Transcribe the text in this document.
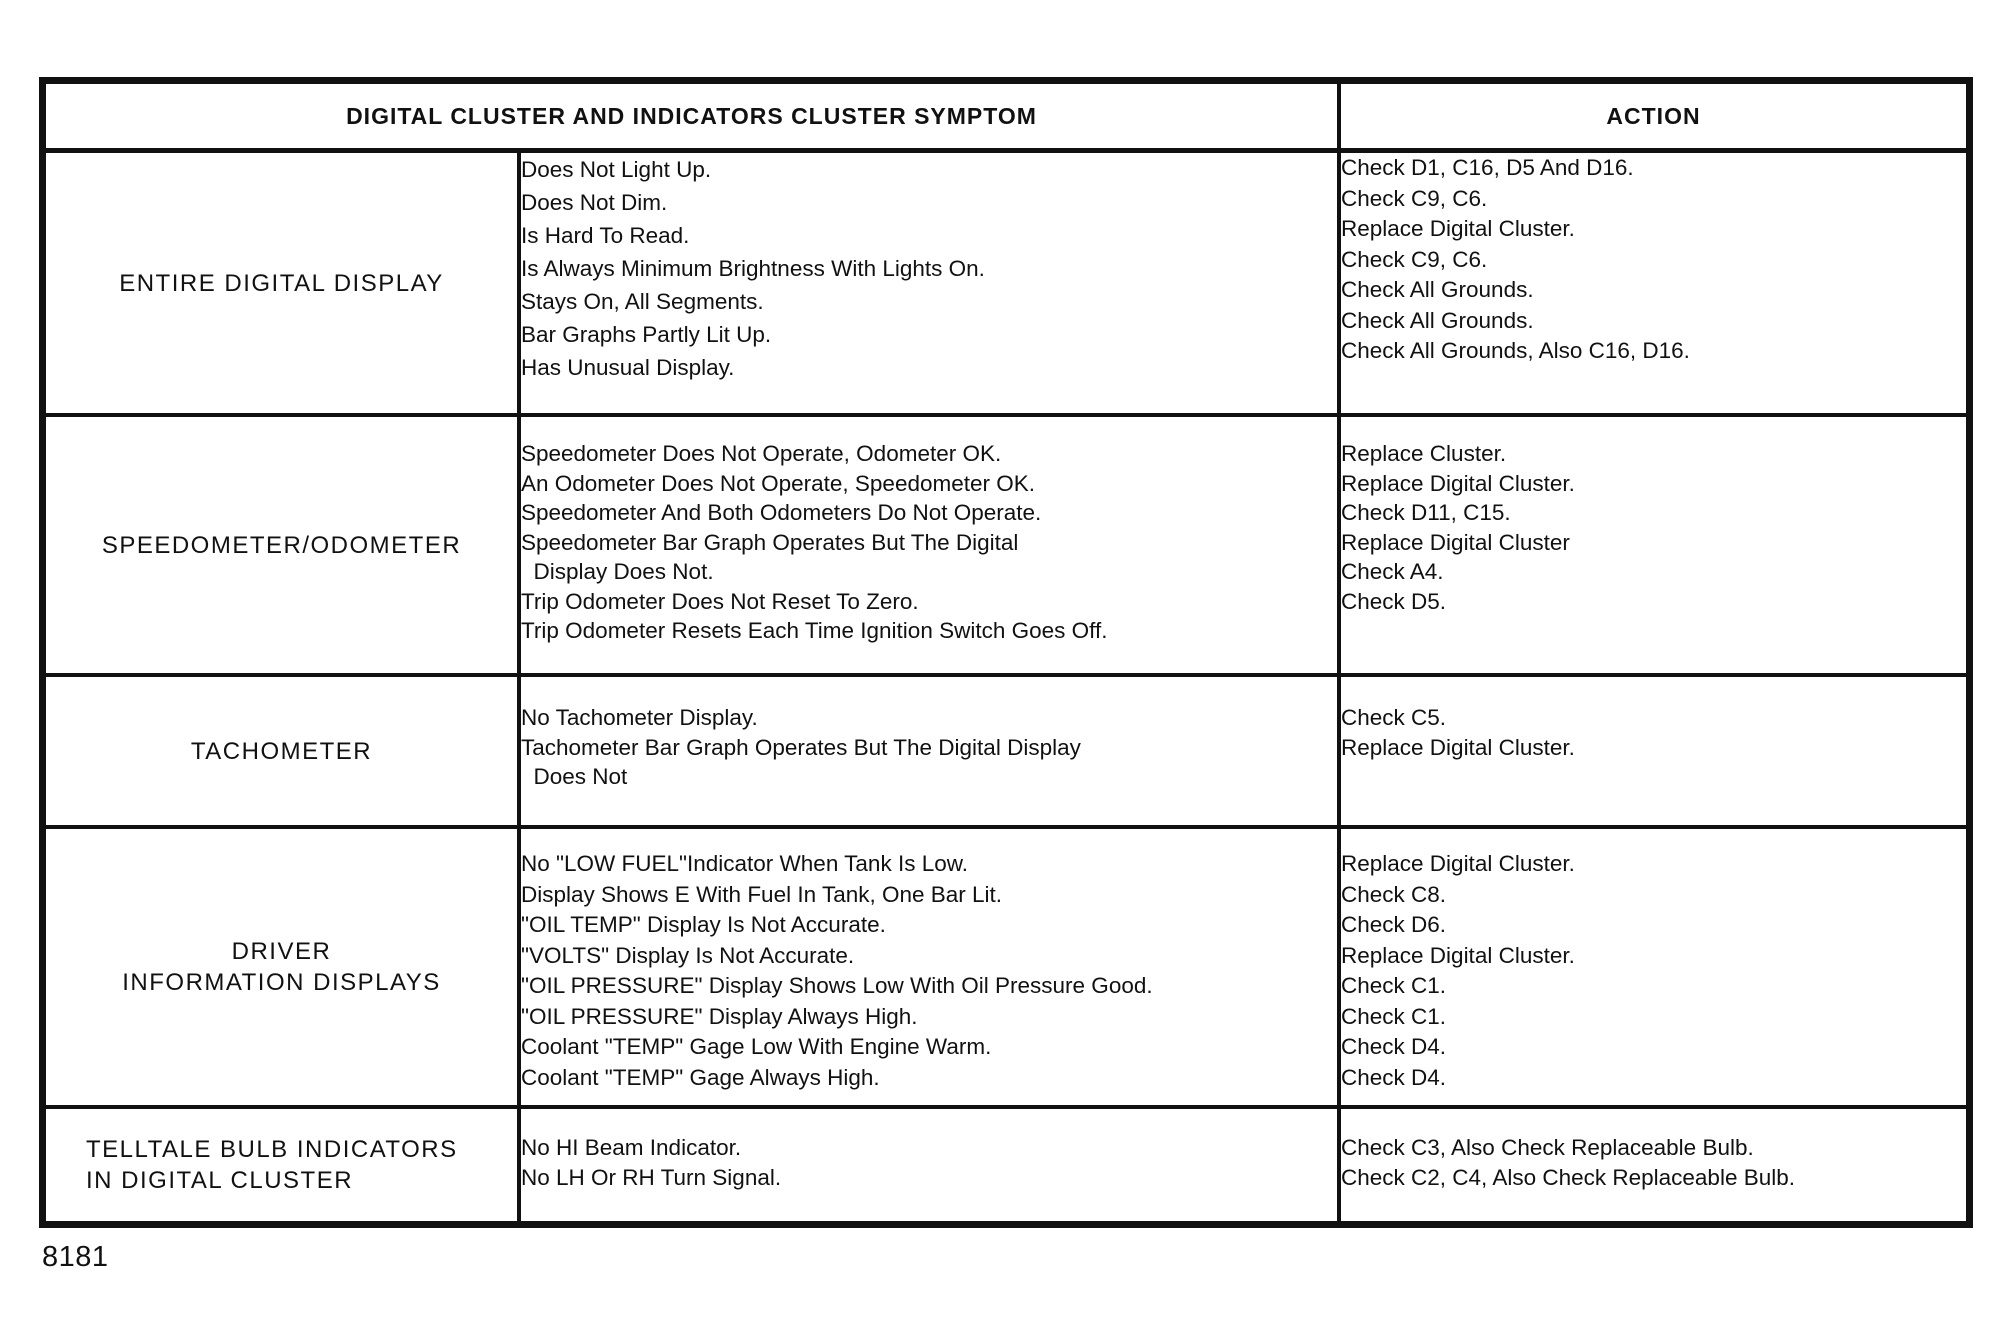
DIGITAL CLUSTER AND INDICATORS CLUSTER SYMPTOM	ACTION
ENTIRE DIGITAL DISPLAY
Does Not Light Up.
Does Not Dim.
Is Hard To Read.
Is Always Minimum Brightness With Lights On.
Stays On, All Segments.
Bar Graphs Partly Lit Up.
Has Unusual Display.
Check D1, C16, D5 And D16.
Check C9, C6.
Replace Digital Cluster.
Check C9, C6.
Check All Grounds.
Check All Grounds.
Check All Grounds, Also C16, D16.
SPEEDOMETER/ODOMETER
Speedometer Does Not Operate, Odometer OK.
An Odometer Does Not Operate, Speedometer OK.
Speedometer And Both Odometers Do Not Operate.
Speedometer Bar Graph Operates But The Digital
Display Does Not.
Trip Odometer Does Not Reset To Zero.
Trip Odometer Resets Each Time Ignition Switch Goes Off.
Replace Cluster.
Replace Digital Cluster.
Check D11, C15.
Replace Digital Cluster
Check A4.
Check D5.
TACHOMETER
No Tachometer Display.
Tachometer Bar Graph Operates But The Digital Display
Does Not
Check C5.
Replace Digital Cluster.
DRIVER
INFORMATION DISPLAYS
No "LOW FUEL"Indicator When Tank Is Low.
Display Shows E With Fuel In Tank, One Bar Lit.
"OIL TEMP" Display Is Not Accurate.
"VOLTS" Display Is Not Accurate.
"OIL PRESSURE" Display Shows Low With Oil Pressure Good.
"OIL PRESSURE" Display Always High.
Coolant "TEMP" Gage Low With Engine Warm.
Coolant "TEMP" Gage Always High.
Replace Digital Cluster.
Check C8.
Check D6.
Replace Digital Cluster.
Check C1.
Check C1.
Check D4.
Check D4.
TELLTALE BULB INDICATORS
IN DIGITAL CLUSTER
No HI Beam Indicator.
No LH Or RH Turn Signal.
Check C3, Also Check Replaceable Bulb.
Check C2, C4, Also Check Replaceable Bulb.
8181
